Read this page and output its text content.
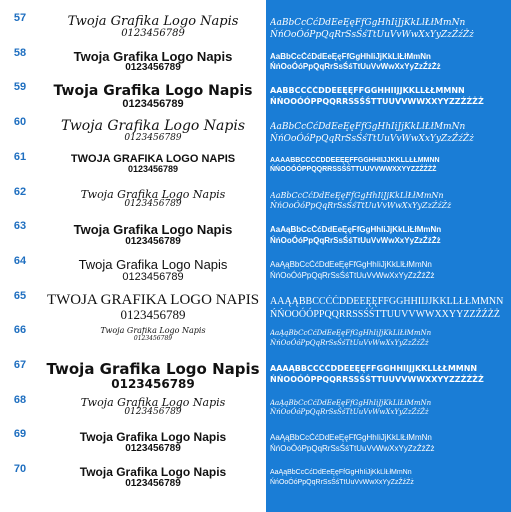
57
58
59
60
61
62
63
64
65
66
67
68
69
70
Twoja Grafika Logo Napis
0123456789
Twoja Grafika Logo Napis
0123456789
Twoja Grafika Logo Napis
0123456789
Twoja Grafika Logo Napis
0123456789
TWOJA GRAFIKA LOGO NAPIS
0123456789
Twoja Grafika Logo Napis
0123456789
Twoja Grafika Logo Napis
0123456789
Twoja Grafika Logo Napis
0123456789
TWOJA GRAFIKA LOGO NAPIS
0123456789
Twoja Grafika Logo Napis
0123456789
Twoja Grafika Logo Napis
0123456789
Twoja Grafika Logo Napis
0123456789
Twoja Grafika Logo Napis
0123456789
Twoja Grafika Logo Napis
0123456789
AaBbCcĆćDdEeĘęFfGgHhIiJjKkLlŁłMmNn
ŃńOoÓóPpQqRrSsŚśTtUuVvWwXxYyZzŹźŻż
AaBbCcĆćDdEeĘęFfGgHhIiJjKkLlŁłMmNn
ŃńOoÓóPpQqRrSsŚśTtUuVvWwXxYyZzŹźŻż
AABBCCĆĆDDEEĘĘFFGGHHIIJJKKLLŁŁMMNN
ŃŃOOÓÓPPQQRRSSŚŚTTUUVVWWXXYYZZŹŹŻŻ
AaBbCcĆćDdEeĘęFfGgHhIiJjKkLlŁłMmNn
ŃńOoÓóPpQqRrSsŚśTtUuVvWwXxYyZzŹźŻż
AAAABBCCĆĆDDEEĘĘFFGGHHIIJJKKLLŁŁMMNN
ŃŃOOÓÓPPQQRRSSŚŚTTUUVVWWXXYYZZŹŹŻŻ
AaBbCcĆćDdEeĘęFfGgHhIiJjKkLlŁłMmNn
ŃńOoÓóPpQqRrSsŚśTtUuVvWwXxYyZzŹźŻż
AaAąBbCcĆćDdEeĘęFfGgHhIiJjKkLlŁłMmNn
ŃńOoÓóPpQqRrSsŚśTtUuVvWwXxYyZzŹźŻż
AaĄąBbCcĆćDdEeĘęFfGgHhIiJjKkLlŁłMmNn
ŃńOoÓóPpQqRrSsŚśTtUuVvWwXxYyZzŹźŻż
AAĄĄBBCCĆĆDDEEĘĘFFGGHHIIJJKKLLŁŁMMNN
ŃŃOOÓÓPPQQRRSSŚŚTTUUVVWWXXYYZZŹŹŻŻ
AaĄąBbCcĆćDdEeĘęFfGgHhIiJjKkLlŁłMmNn
ŃńOoÓóPpQqRrSsŚśTtUuVvWwXxYyZzŹźŻż
AAAĄBBCCĆĆDDEEĘĘFFGGHHIIJJKKLLŁŁMMNN
ŃŃOOÓÓPPQQRRSSŚŚTTUUVVWWXXYYZZŹŹŻŻ
AaĄąBbCcĆćDdEeĘęFfGgHhIiJjKkLlŁłMmNn
ŃńOoÓóPpQqRrSsŚśTtUuVvWwXxYyZzŹźŻż
AaĄąBbCcĆćDdEeĘęFfGgHhIiJjKkLlŁłMmNn
ŃńOoÓóPpQqRrSsŚśTtUuVvWwXxYyZzŹźŻż
AaĄąBbCcĆćDdEeĘęFfGgHhIiJjKkLlŁłMmNn
ŃńOoÓóPpQqRrSsŚśTtUuVvWwXxYyZzŹźŻż
